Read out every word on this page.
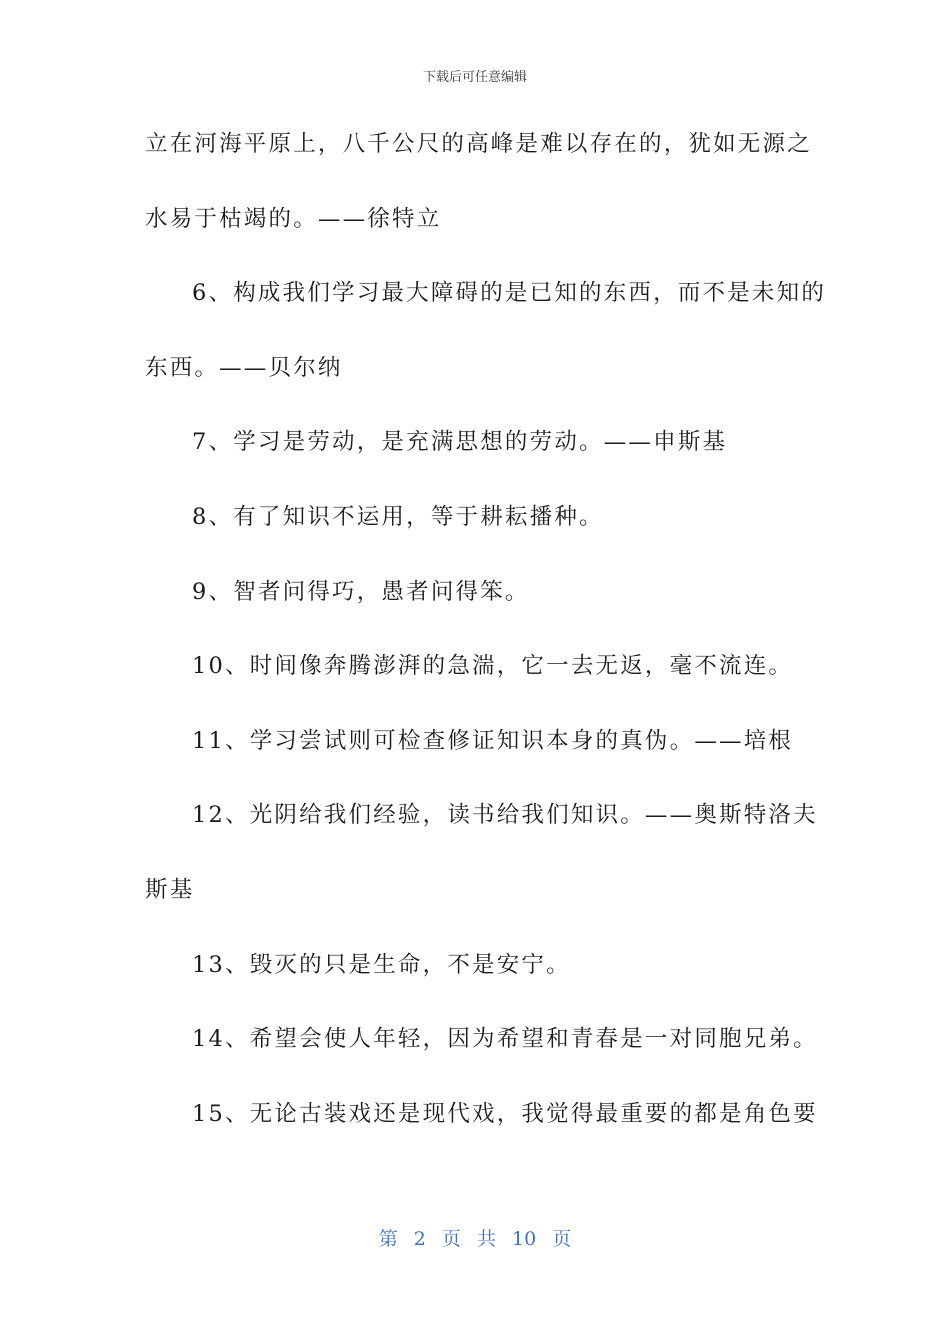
下载后可任意编辑
立在河海平原上，八千公尺的高峰是难以存在的，犹如无源之
水易于枯竭的。——徐特立
6、构成我们学习最大障碍的是已知的东西，而不是未知的
东西。——贝尔纳
7、学习是劳动，是充满思想的劳动。——申斯基
8、有了知识不运用，等于耕耘播种。
9、智者问得巧，愚者问得笨。
10、时间像奔腾澎湃的急湍，它一去无返，毫不流连。
11、学习尝试则可检查修证知识本身的真伪。——培根
12、光阴给我们经验，读书给我们知识。——奥斯特洛夫
斯基
13、毁灭的只是生命，不是安宁。
14、希望会使人年轻，因为希望和青春是一对同胞兄弟。
15、无论古装戏还是现代戏，我觉得最重要的都是角色要
第 2 页 共 10 页
